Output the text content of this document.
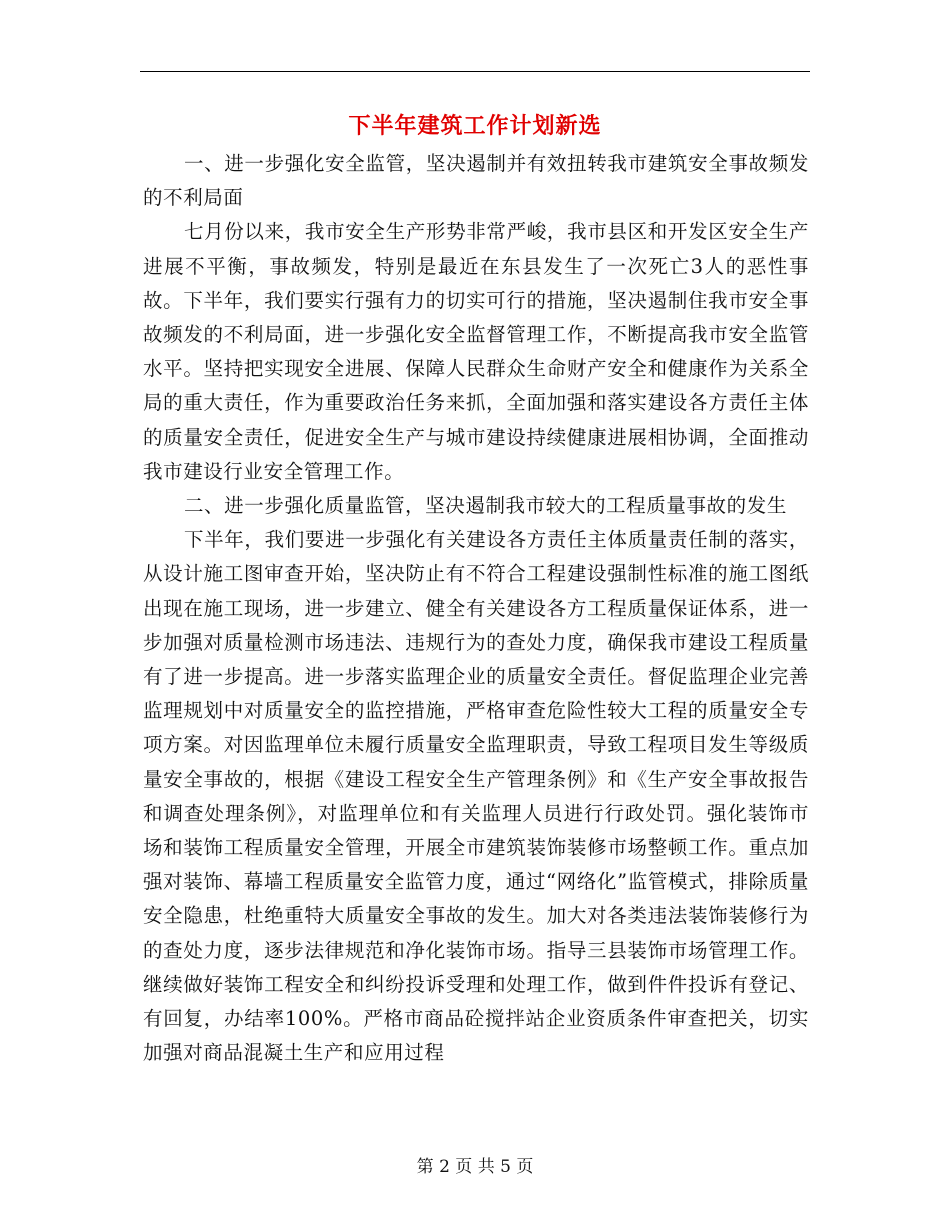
下半年建筑工作计划新选

一、进一步强化安全监管，坚决遏制并有效扭转我市建筑安全事故频发的不利局面

七月份以来，我市安全生产形势非常严峻，我市县区和开发区安全生产进展不平衡，事故频发，特别是最近在东县发生了一次死亡3人的恶性事故。下半年，我们要实行强有力的切实可行的措施，坚决遏制住我市安全事故频发的不利局面，进一步强化安全监督管理工作，不断提高我市安全监管水平。坚持把实现安全进展、保障人民群众生命财产安全和健康作为关系全局的重大责任，作为重要政治任务来抓，全面加强和落实建设各方责任主体的质量安全责任，促进安全生产与城市建设持续健康进展相协调，全面推动我市建设行业安全管理工作。

二、进一步强化质量监管，坚决遏制我市较大的工程质量事故的发生

下半年，我们要进一步强化有关建设各方责任主体质量责任制的落实，从设计施工图审查开始，坚决防止有不符合工程建设强制性标准的施工图纸出现在施工现场，进一步建立、健全有关建设各方工程质量保证体系，进一步加强对质量检测市场违法、违规行为的查处力度，确保我市建设工程质量有了进一步提高。进一步落实监理企业的质量安全责任。督促监理企业完善监理规划中对质量安全的监控措施，严格审查危险性较大工程的质量安全专项方案。对因监理单位未履行质量安全监理职责，导致工程项目发生等级质量安全事故的，根据《建设工程安全生产管理条例》和《生产安全事故报告和调查处理条例》，对监理单位和有关监理人员进行行政处罚。强化装饰市场和装饰工程质量安全管理，开展全市建筑装饰装修市场整顿工作。重点加强对装饰、幕墙工程质量安全监管力度，通过“网络化”监管模式，排除质量安全隐患，杜绝重特大质量安全事故的发生。加大对各类违法装饰装修行为的查处力度，逐步法律规范和净化装饰市场。指导三县装饰市场管理工作。继续做好装饰工程安全和纠纷投诉受理和处理工作，做到件件投诉有登记、有回复，办结率100%。严格市商品砼搅拌站企业资质条件审查把关，切实加强对商品混凝土生产和应用过程

第 2 页 共 5 页
